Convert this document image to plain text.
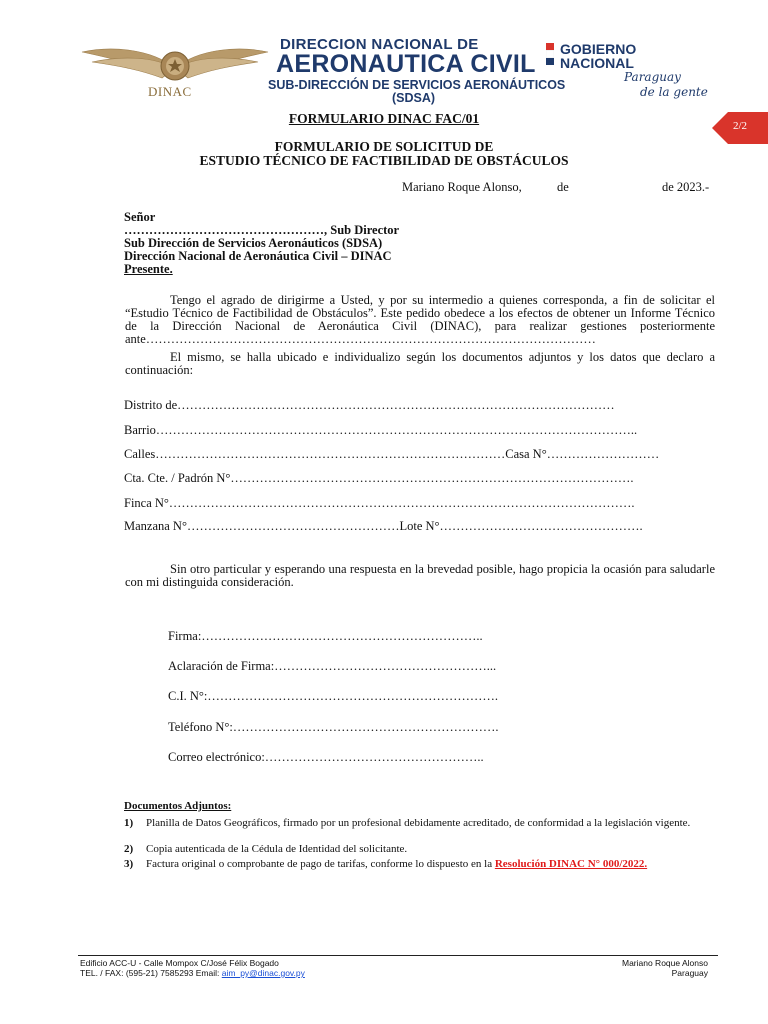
DINAC
DIRECCION NACIONAL DE
AERONAUTICA CIVIL
SUB-DIRECCIÓN DE SERVICIOS AERONÁUTICOS
(SDSA)
GOBIERNO
NACIONAL
Paraguay
de la gente
2/2
FORMULARIO DINAC FAC/01
FORMULARIO DE SOLICITUD DE
ESTUDIO TÉCNICO DE FACTIBILIDAD DE OBSTÁCULOS
Mariano Roque Alonso,	de	de 2023.-
Señor
…………………………………………, Sub Director
Sub Dirección de Servicios Aeronáuticos (SDSA)
Dirección Nacional de Aeronáutica Civil – DINAC
Presente.
Tengo el agrado de dirigirme a Usted, y por su intermedio a quienes corresponda, a fin de solicitar el “Estudio Técnico de Factibilidad de Obstáculos”. Este pedido obedece a los efectos de obtener un Informe Técnico de la Dirección Nacional de Aeronáutica Civil (DINAC), para realizar gestiones posteriormente ante………………………………………………………………………………………………
El mismo, se halla ubicado e individualizo según los documentos adjuntos y los datos que declaro a continuación:
Distrito de……………………………………………………………………………………………
Barrio……………………………………………………………………………………………………..
Calles…………………………………………………………………………Casa N°………………………
Cta. Cte. / Padrón N°…………………………………………………………………………………….
Finca N°………………………………………………………………………………………………….
Manzana N°……………………………………………Lote N°………………………………………….
Sin otro particular y esperando una respuesta en la brevedad posible, hago propicia la ocasión para saludarle con mi distinguida consideración.
Firma:…………………………………………………………..
Aclaración de Firma:……………………………………………...
C.I. N°:…………………………………………………………….
Teléfono N°:……………………………………………………….
Correo electrónico:……………………………………………..
Documentos Adjuntos:
1) Planilla de Datos Geográficos, firmado por un profesional debidamente acreditado, de conformidad a la legislación vigente.
2) Copia autenticada de la Cédula de Identidad del solicitante.
3) Factura original o comprobante de pago de tarifas, conforme lo dispuesto en la Resolución DINAC N° 000/2022.
Edificio ACC-U - Calle Mompox C/José Félix Bogado
TEL. / FAX: (595-21) 7585293 Email: aim_py@dinac.gov.py
Mariano Roque Alonso
Paraguay
